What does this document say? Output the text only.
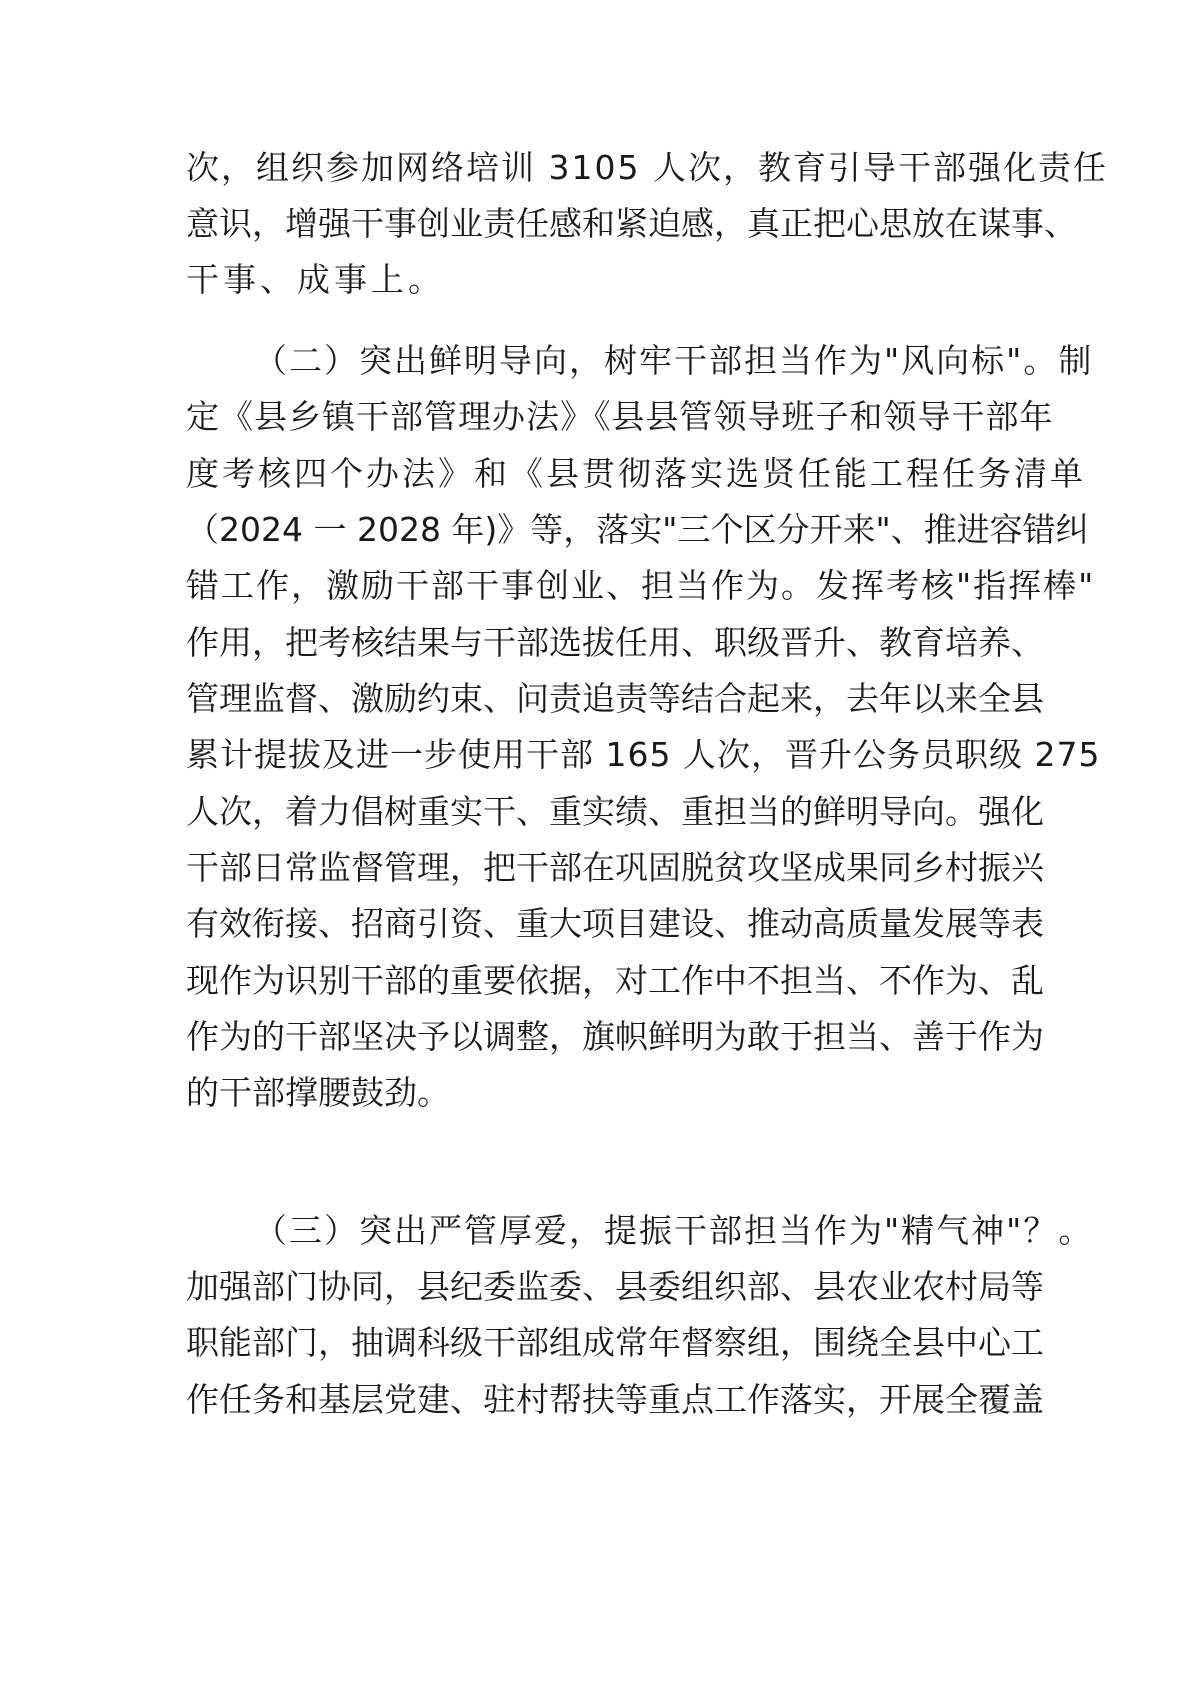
次，组织参加网络培训 3105 人次，教育引导干部强化责任
意识，增强干事创业责任感和紧迫感，真正把心思放在谋事、
干事、成事上。
（二）突出鲜明导向，树牢干部担当作为"风向标"。制
定《县乡镇干部管理办法》《县县管领导班子和领导干部年
度考核四个办法》和《县贯彻落实选贤任能工程任务清单
（2024 一 2028 年)》等，落实"三个区分开来"、推进容错纠
错工作，激励干部干事创业、担当作为。发挥考核"指挥棒"
作用，把考核结果与干部选拔任用、职级晋升、教育培养、
管理监督、激励约束、问责追责等结合起来，去年以来全县
累计提拔及进一步使用干部 165 人次，晋升公务员职级 275
人次，着力倡树重实干、重实绩、重担当的鲜明导向。强化
干部日常监督管理，把干部在巩固脱贫攻坚成果同乡村振兴
有效衔接、招商引资、重大项目建设、推动高质量发展等表
现作为识别干部的重要依据，对工作中不担当、不作为、乱
作为的干部坚决予以调整，旗帜鲜明为敢于担当、善于作为
的干部撑腰鼓劲。
（三）突出严管厚爱，提振干部担当作为"精气神"？。
加强部门协同，县纪委监委、县委组织部、县农业农村局等
职能部门，抽调科级干部组成常年督察组，围绕全县中心工
作任务和基层党建、驻村帮扶等重点工作落实，开展全覆盖
